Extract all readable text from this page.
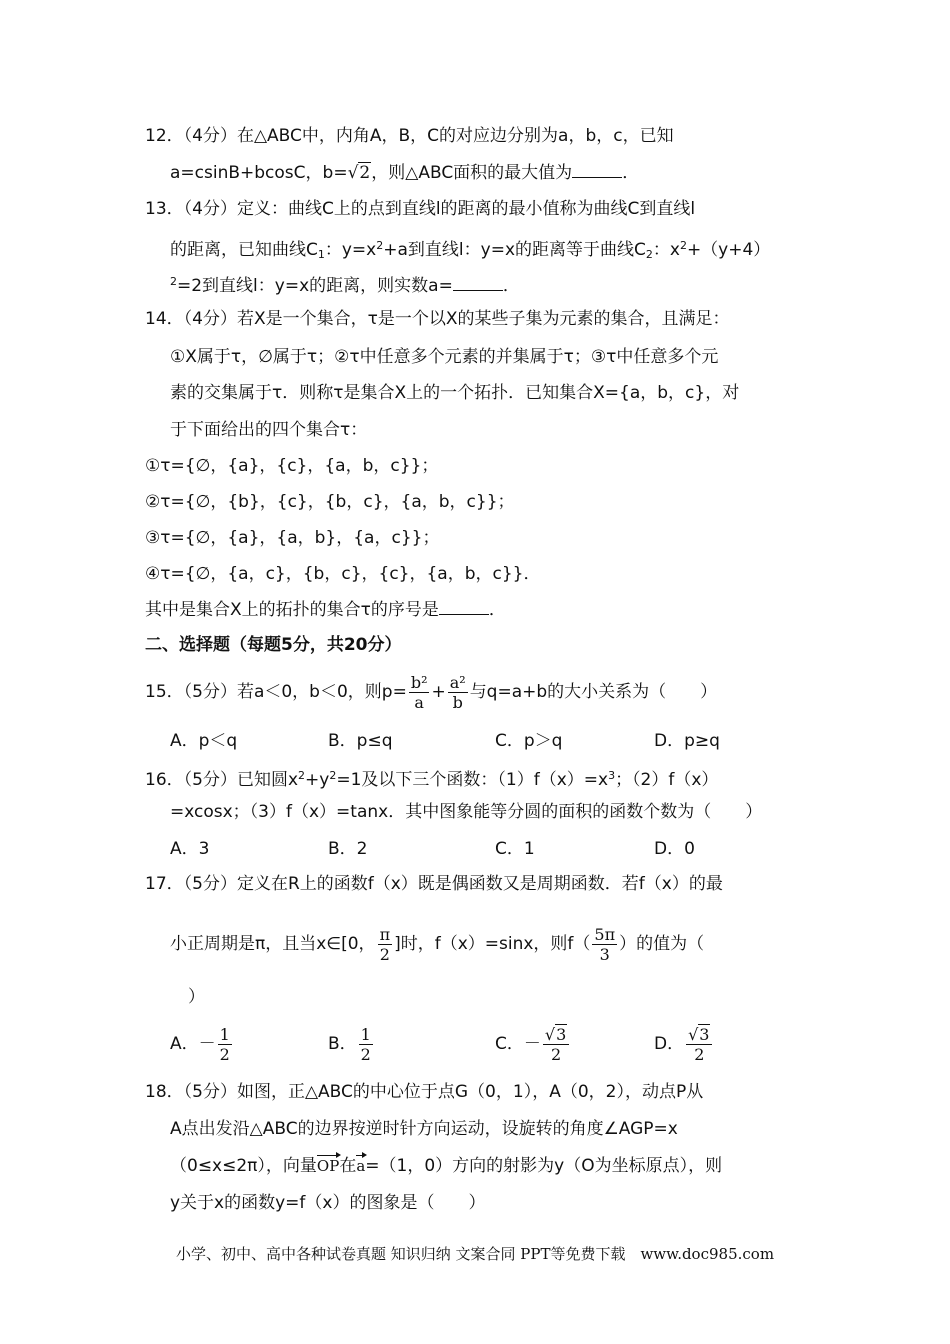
12．（4分）在△ABC中，内角A，B，C的对应边分别为a，b，c，已知
a=csinB+bcosC，b=√2，则△ABC面积的最大值为	．
13．（4分）定义：曲线C上的点到直线l的距离的最小值称为曲线C到直线l
的距离，已知曲线$C_1$：$y=x^2+a$到直线l：y=x的距离等于曲线$C_2$：$x^2+(y+4)$
$^2$=2到直线l：y=x的距离，则实数a=	．
14．（4分）若X是一个集合，τ是一个以X的某些子集为元素的集合，且满足：
①X属于τ，∅属于τ；②τ中任意多个元素的并集属于τ；③τ中任意多个元
素的交集属于τ．则称τ是集合X上的一个拓扑．已知集合X={a，b，c}，对
于下面给出的四个集合τ：
①τ={∅，{a}，{c}，{a，b，c}}；
②τ={∅，{b}，{c}，{b，c}，{a，b，c}}；
③τ={∅，{a}，{a，b}，{a，c}}；
④τ={∅，{a，c}，{b，c}，{c}，{a，b，c}}．
其中是集合X上的拓扑的集合τ的序号是	．
二、选择题（每题5分，共20分）
15．（5分）若a＜0，b＜0，则$p= \frac{\text{b²}}{a} + \frac{\text{a²}}{b}$ 与q=a+b的大小关系为（　　）
A．p＜q	B．p≤q	C．p＞q	D．p≥q
16．（5分）已知圆$x^2+y^2=1$及以下三个函数：$(1)f(x)=x^3$；（2）f（x）
=xcosx；（3）f（x）=tanx．其中图象能等分圆的面积的函数个数为（　　）
A．3	B．2	C．1	D．0
17．（5分）定义在R上的函数f（x）既是偶函数又是周期函数．若f（x）的最
小正周期是π，且当x∈[0， $\frac{\pi}{2}$ ]时，f（x）=sinx，则$f( \frac{5\pi}{3}$ ）的值为（
）
A．－ $\frac{1}{2}$	B． $\frac{1}{2}$	C．－ $\frac{√3}{2}$	D． $\frac{√3}{2}$
18．（5分）如图，正△ABC的中心位于点G（0，1），A（0，2），动点P从
A点出发沿△ABC的边界按逆时针方向运动，设旋转的角度∠AGP=x
（0≤x≤2π），向量OP在a=（1，0）方向的射影为y（O为坐标原点），则
y关于x的函数y=f（x）的图象是（　　）
小学、初中、高中各种试卷真题 知识归纳 文案合同 PPT等免费下载　www.doc985.com
